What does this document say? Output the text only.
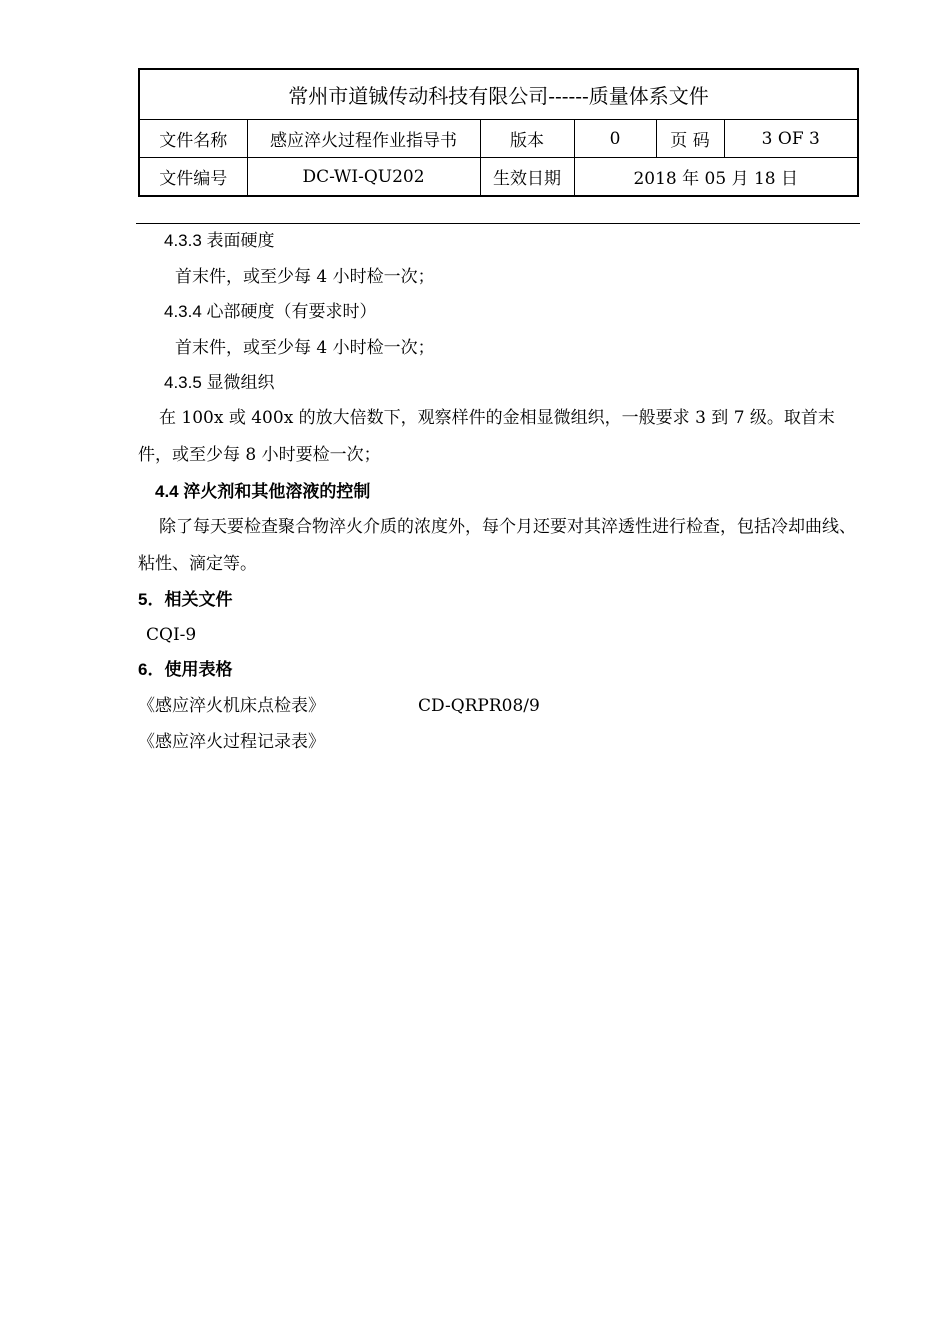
常州市道铖传动科技有限公司------质量体系文件					
文件名称	感应淬火过程作业指导书	版本	0	页 码	3 OF 3
文件编号	DC-WI-QU202	生效日期	2018 年 05 月 18 日		
4.3.3 表面硬度
首末件，或至少每 4 小时检一次；
4.3.4 心部硬度（有要求时）
首末件，或至少每 4 小时检一次；
4.3.5 显微组织
在 100x 或 400x 的放大倍数下，观察样件的金相显微组织，一般要求 3 到 7 级。取首末件，或至少每 8 小时要检一次；
4.4 淬火剂和其他溶液的控制
除了每天要检查聚合物淬火介质的浓度外，每个月还要对其淬透性进行检查，包括冷却曲线、粘性、滴定等。
5．相关文件
CQI-9
6．使用表格
《感应淬火机床点检表》	CD-QRPR08/9
《感应淬火过程记录表》
